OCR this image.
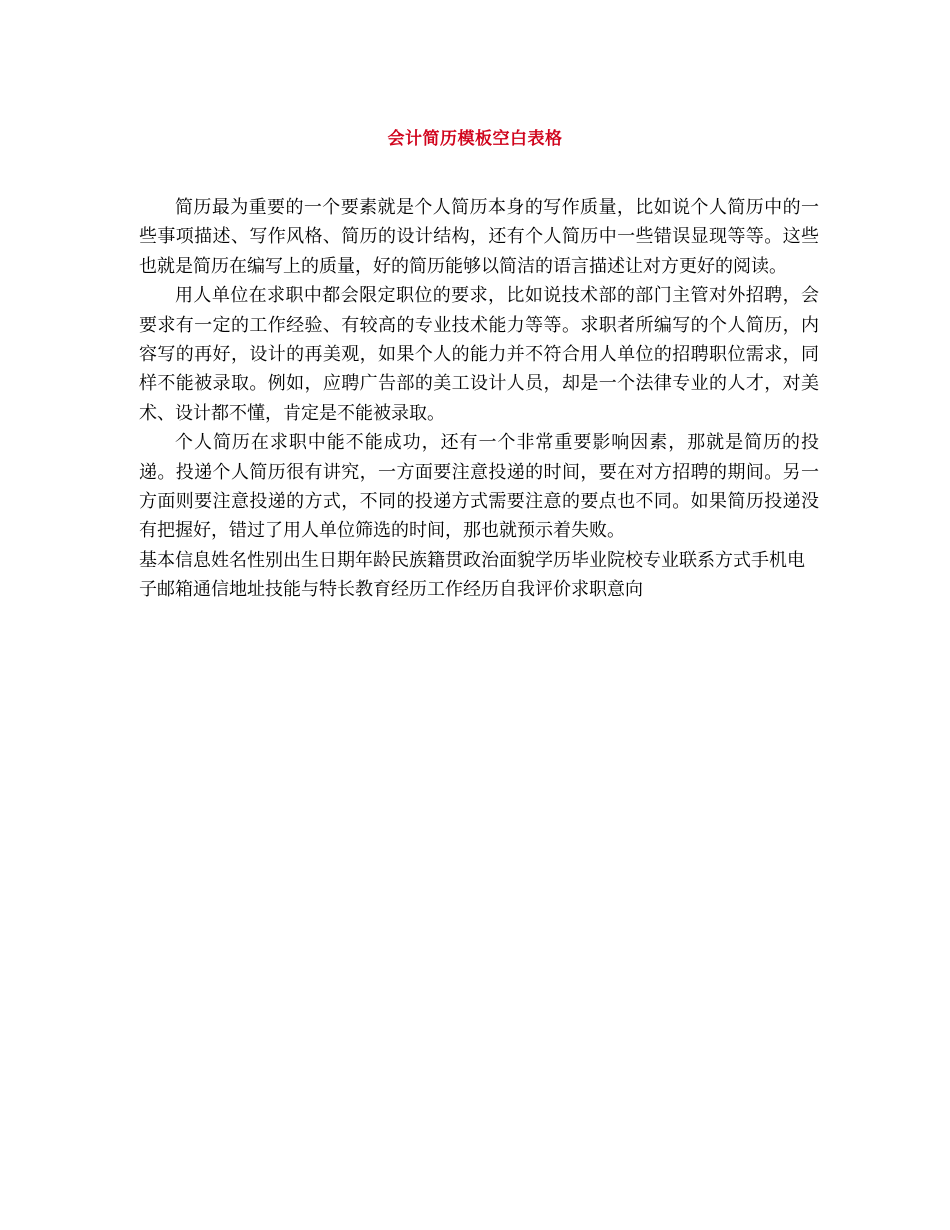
会计简历模板空白表格

简历最为重要的一个要素就是个人简历本身的写作质量，比如说个人简历中的一些事项描述、写作风格、简历的设计结构，还有个人简历中一些错误显现等等。这些也就是简历在编写上的质量，好的简历能够以简洁的语言描述让对方更好的阅读。

用人单位在求职中都会限定职位的要求，比如说技术部的部门主管对外招聘，会要求有一定的工作经验、有较高的专业技术能力等等。求职者所编写的个人简历，内容写的再好，设计的再美观，如果个人的能力并不符合用人单位的招聘职位需求，同样不能被录取。例如，应聘广告部的美工设计人员，却是一个法律专业的人才，对美术、设计都不懂，肯定是不能被录取。

个人简历在求职中能不能成功，还有一个非常重要影响因素，那就是简历的投递。投递个人简历很有讲究，一方面要注意投递的时间，要在对方招聘的期间。另一方面则要注意投递的方式，不同的投递方式需要注意的要点也不同。如果简历投递没有把握好，错过了用人单位筛选的时间，那也就预示着失败。

基本信息姓名性别出生日期年龄民族籍贯政治面貌学历毕业院校专业联系方式手机电子邮箱通信地址技能与特长教育经历工作经历自我评价求职意向
